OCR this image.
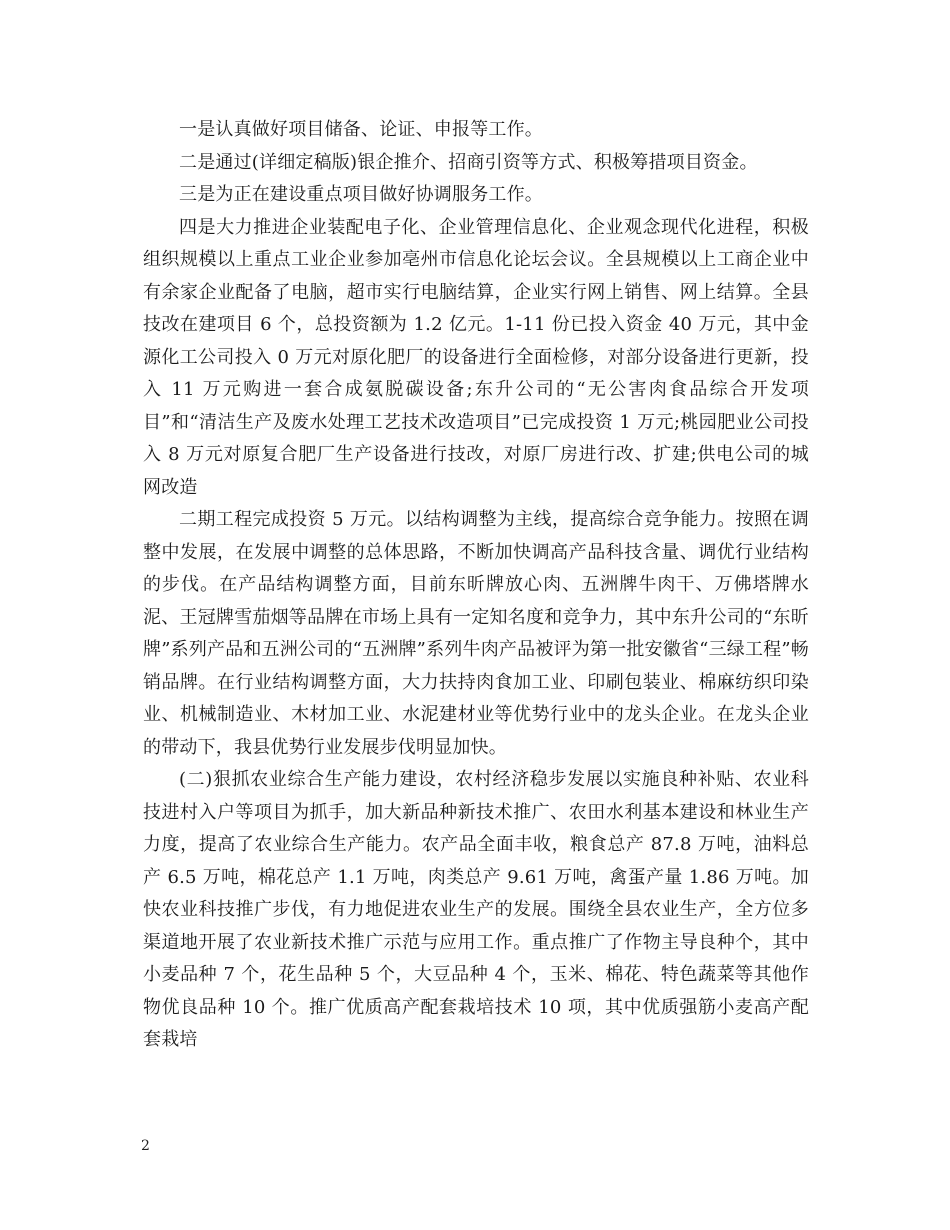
一是认真做好项目储备、论证、申报等工作。

二是通过(详细定稿版)银企推介、招商引资等方式、积极筹措项目资金。

三是为正在建设重点项目做好协调服务工作。

四是大力推进企业装配电子化、企业管理信息化、企业观念现代化进程，积极组织规模以上重点工业企业参加亳州市信息化论坛会议。全县规模以上工商企业中有余家企业配备了电脑，超市实行电脑结算，企业实行网上销售、网上结算。全县技改在建项目 6 个，总投资额为 1.2 亿元。1-11 份已投入资金 40 万元，其中金源化工公司投入 0 万元对原化肥厂的设备进行全面检修，对部分设备进行更新，投入 11 万元购进一套合成氨脱碳设备;东升公司的“无公害肉食品综合开发项目”和“清洁生产及废水处理工艺技术改造项目”已完成投资 1 万元;桃园肥业公司投入 8 万元对原复合肥厂生产设备进行技改，对原厂房进行改、扩建;供电公司的城网改造

二期工程完成投资 5 万元。以结构调整为主线，提高综合竞争能力。按照在调整中发展，在发展中调整的总体思路，不断加快调高产品科技含量、调优行业结构的步伐。在产品结构调整方面，目前东昕牌放心肉、五洲牌牛肉干、万佛塔牌水泥、王冠牌雪茄烟等品牌在市场上具有一定知名度和竞争力，其中东升公司的“东昕牌”系列产品和五洲公司的“五洲牌”系列牛肉产品被评为第一批安徽省“三绿工程”畅销品牌。在行业结构调整方面，大力扶持肉食加工业、印刷包装业、棉麻纺织印染业、机械制造业、木材加工业、水泥建材业等优势行业中的龙头企业。在龙头企业的带动下，我县优势行业发展步伐明显加快。

(二)狠抓农业综合生产能力建设，农村经济稳步发展以实施良种补贴、农业科技进村入户等项目为抓手，加大新品种新技术推广、农田水利基本建设和林业生产力度，提高了农业综合生产能力。农产品全面丰收，粮食总产 87.8 万吨，油料总产 6.5 万吨，棉花总产 1.1 万吨，肉类总产 9.61 万吨，禽蛋产量 1.86 万吨。加快农业科技推广步伐，有力地促进农业生产的发展。围绕全县农业生产，全方位多渠道地开展了农业新技术推广示范与应用工作。重点推广了作物主导良种个，其中小麦品种 7 个，花生品种 5 个，大豆品种 4 个，玉米、棉花、特色蔬菜等其他作物优良品种 10 个。推广优质高产配套栽培技术 10 项，其中优质强筋小麦高产配套栽培

2
